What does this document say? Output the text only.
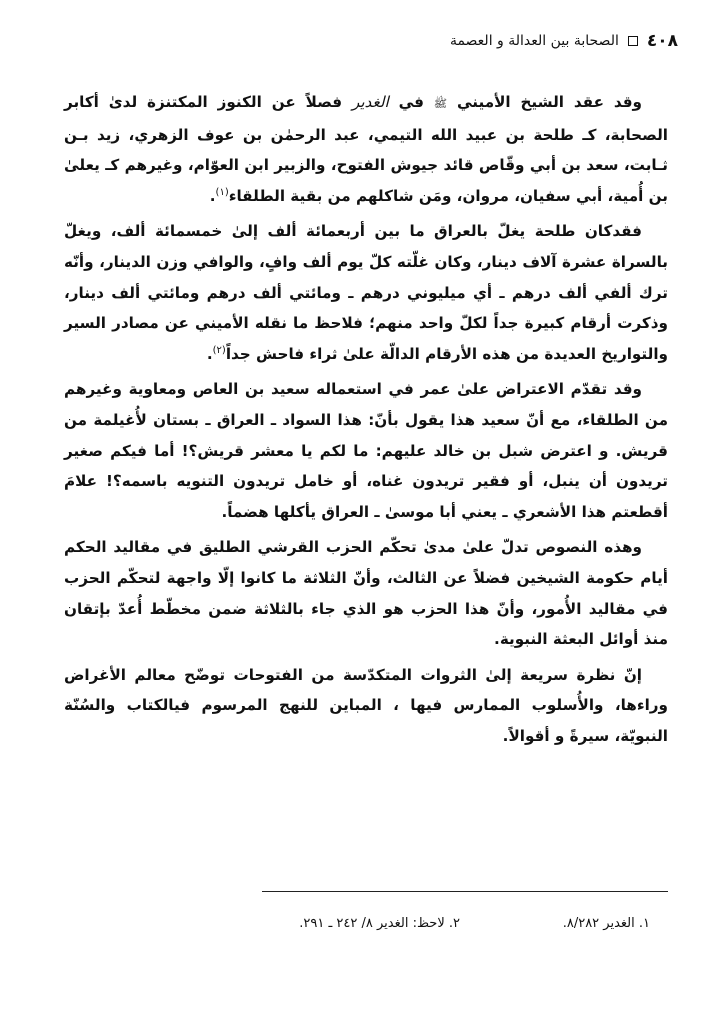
٤٠٨
الصحابة بين العدالة و العصمة

وقد عقد الشيخ الأميني ﷺ في الغدير فصلاً عن الكنوز المكتنزة لدىٰ أكابر الصحابة، كـ طلحة بن عبيد الله التيمي، عبد الرحمٰن بن عوف الزهري، زيد بـن ثـابت، سعد بن أبي وقّاص قائد جيوش الفتوح، والزبير ابن العوّام، وغيرهم كـ يعلىٰ بن أُمية، أبي سفيان، مروان، ومَن شاكلهم من بقية الطلقاء$^{(١)}$.

فقدكان طلحة يغلّ بالعراق ما بين أربعمائة ألف إلىٰ خمسمائة ألف، ويغلّ بالسراة عشرة آلاف دينار، وكان غلّته كلّ يوم ألف وافٍ، والوافي وزن الدينار، وأنّه ترك ألفي ألف درهم ـ أي ميليوني درهم ـ ومائتي ألف درهم ومائتي ألف دينار، وذكرت أرقام كبيرة جداً لكلّ واحد منهم؛ فلاحظ ما نقله الأميني عن مصادر السير والتواريخ العديدة من هذه الأرقام الدالّة علىٰ ثراء فاحش جداً$^{(٢)}$.

وقد تقدّم الاعتراض علىٰ عمر في استعماله سعيد بن العاص ومعاوية وغيرهم من الطلقاء، مع أنّ سعيد هذا يقول بأنّ: هذا السواد ـ العراق ـ بستان لأُغيلمة من قريش. و اعترض شبل بن خالد عليهم: ما لكم يا معشر قريش؟! أما فيكم صغير تريدون أن ينبل، أو فقير تريدون غناه، أو خامل تريدون التنويه باسمه؟! علامَ أقطعتم هذا الأشعري ـ يعني أبا موسىٰ ـ العراق يأكلها هضماً.

وهذه النصوص تدلّ علىٰ مدىٰ تحكّم الحزب القرشي الطليق في مقاليد الحكم أيام حكومة الشيخين فضلاً عن الثالث، وأنّ الثلاثة ما كانوا إلّا واجهة لتحكّم الحزب في مقاليد الأُمور، وأنّ هذا الحزب هو الذي جاء بالثلاثة ضمن مخطّط أُعدّ بإتقان منذ أوائل البعثة النبوية.

إنّ نظرة سريعة إلىٰ الثروات المتكدّسة من الفتوحات توضّح معالم الأغراض وراءها، والأُسلوب الممارس فيها ، المباين للنهج المرسوم فيالكتاب والسُنّة النبويّة، سيرةً و أقوالاً.

١. الغدير ٨/٢٨٢.
٢. لاحظ: الغدير ٨/ ٢٤٢ ـ ٢٩١.
